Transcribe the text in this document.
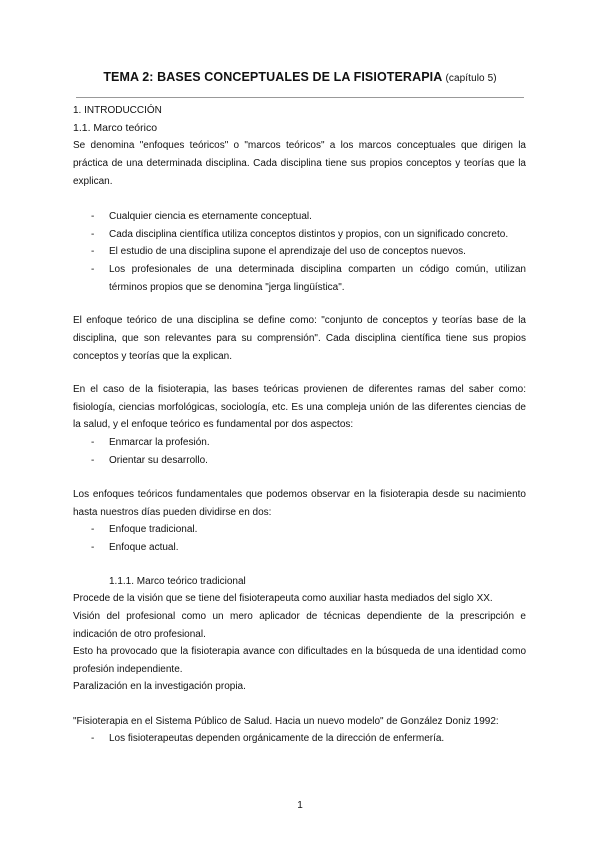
TEMA 2: BASES CONCEPTUALES DE LA FISIOTERAPIA (capítulo 5)
1. INTRODUCCIÓN
1.1. Marco teórico
Se denomina "enfoques teóricos" o "marcos teóricos" a los marcos conceptuales que dirigen la
práctica de una determinada disciplina. Cada disciplina tiene sus propios conceptos y teorías que la
explican.
- Cualquier ciencia es eternamente conceptual.
- Cada disciplina científica utiliza conceptos distintos y propios, con un significado concreto.
- El estudio de una disciplina supone el aprendizaje del uso de conceptos nuevos.
- Los profesionales de una determinada disciplina comparten un código común, utilizan
términos propios que se denomina "jerga lingüística".
El enfoque teórico de una disciplina se define como: "conjunto de conceptos y teorías base de la
disciplina, que son relevantes para su comprensión". Cada disciplina científica tiene sus propios
conceptos y teorías que la explican.
En el caso de la fisioterapia, las bases teóricas provienen de diferentes ramas del saber como:
fisiología, ciencias morfológicas, sociología, etc. Es una compleja unión de las diferentes ciencias de
la salud, y el enfoque teórico es fundamental por dos aspectos:
- Enmarcar la profesión.
- Orientar su desarrollo.
Los enfoques teóricos fundamentales que podemos observar en la fisioterapia desde su nacimiento
hasta nuestros días pueden dividirse en dos:
- Enfoque tradicional.
- Enfoque actual.
1.1.1. Marco teórico tradicional
Procede de la visión que se tiene del fisioterapeuta como auxiliar hasta mediados del siglo XX.
Visión del profesional como un mero aplicador de técnicas dependiente de la prescripción e
indicación de otro profesional.
Esto ha provocado que la fisioterapia avance con dificultades en la búsqueda de una identidad como
profesión independiente.
Paralización en la investigación propia.
"Fisioterapia en el Sistema Público de Salud. Hacia un nuevo modelo" de González Doniz 1992:
- Los fisioterapeutas dependen orgánicamente de la dirección de enfermería.
1
